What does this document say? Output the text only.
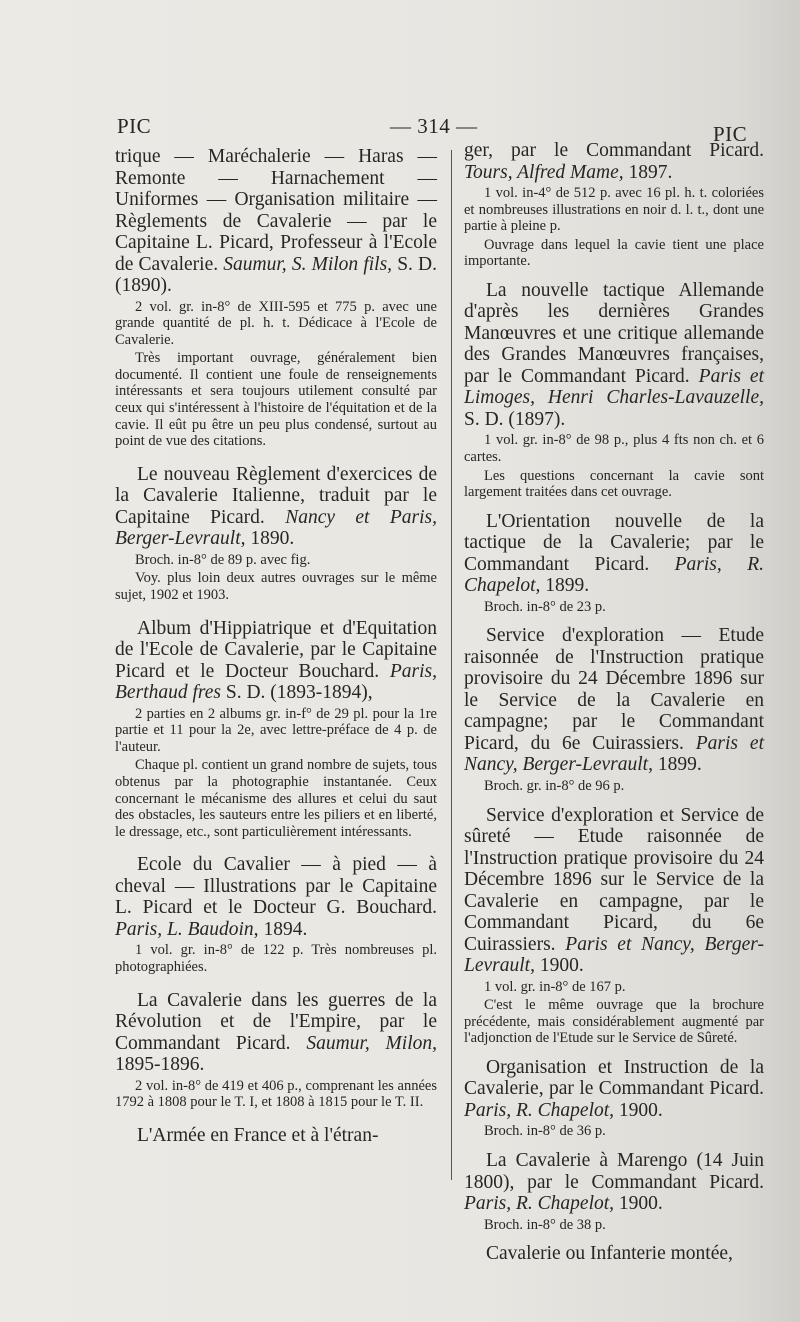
PIC	— 314 —	PIC

trique — Maréchalerie — Haras — Remonte — Harnachement — Uniformes — Organisation militaire — Règlements de Cavalerie — par le Capitaine L. Picard, Professeur à l'Ecole de Cavalerie. Saumur, S. Milon fils, S. D. (1890).

2 vol. gr. in-8° de XIII-595 et 775 p. avec une grande quantité de pl. h. t. Dédicace à l'Ecole de Cavalerie.

Très important ouvrage, généralement bien documenté. Il contient une foule de renseignements intéressants et sera toujours utilement consulté par ceux qui s'intéressent à l'histoire de l'équitation et de la cavie. Il eût pu être un peu plus condensé, surtout au point de vue des citations.

Le nouveau Règlement d'exercices de la Cavalerie Italienne, traduit par le Capitaine Picard. Nancy et Paris, Berger-Levrault, 1890.

Broch. in-8° de 89 p. avec fig.

Voy. plus loin deux autres ouvrages sur le même sujet, 1902 et 1903.

Album d'Hippiatrique et d'Equitation de l'Ecole de Cavalerie, par le Capitaine Picard et le Docteur Bouchard. Paris, Berthaud fres S. D. (1893-1894),

2 parties en 2 albums gr. in-f° de 29 pl. pour la 1re partie et 11 pour la 2e, avec lettre-préface de 4 p. de l'auteur.

Chaque pl. contient un grand nombre de sujets, tous obtenus par la photographie instantanée. Ceux concernant le mécanisme des allures et celui du saut des obstacles, les sauteurs entre les piliers et en liberté, le dressage, etc., sont particulièrement intéressants.

Ecole du Cavalier — à pied — à cheval — Illustrations par le Capitaine L. Picard et le Docteur G. Bouchard. Paris, L. Baudoin, 1894.

1 vol. gr. in-8° de 122 p. Très nombreuses pl. photographiées.

La Cavalerie dans les guerres de la Révolution et de l'Empire, par le Commandant Picard. Saumur, Milon, 1895-1896.

2 vol. in-8° de 419 et 406 p., comprenant les années 1792 à 1808 pour le T. I, et 1808 à 1815 pour le T. II.

L'Armée en France et à l'étran-

ger, par le Commandant Picard. Tours, Alfred Mame, 1897.

1 vol. in-4° de 512 p. avec 16 pl. h. t. coloriées et nombreuses illustrations en noir d. l. t., dont une partie à pleine p.

Ouvrage dans lequel la cavie tient une place importante.

La nouvelle tactique Allemande d'après les dernières Grandes Manœuvres et une critique allemande des Grandes Manœuvres françaises, par le Commandant Picard. Paris et Limoges, Henri Charles-Lavauzelle, S. D. (1897).

1 vol. gr. in-8° de 98 p., plus 4 fts non ch. et 6 cartes.

Les questions concernant la cavie sont largement traitées dans cet ouvrage.

L'Orientation nouvelle de la tactique de la Cavalerie; par le Commandant Picard. Paris, R. Chapelot, 1899.

Broch. in-8° de 23 p.

Service d'exploration — Etude raisonnée de l'Instruction pratique provisoire du 24 Décembre 1896 sur le Service de la Cavalerie en campagne; par le Commandant Picard, du 6e Cuirassiers. Paris et Nancy, Berger-Levrault, 1899.

Broch. gr. in-8° de 96 p.

Service d'exploration et Service de sûreté — Etude raisonnée de l'Instruction pratique provisoire du 24 Décembre 1896 sur le Service de la Cavalerie en campagne, par le Commandant Picard, du 6e Cuirassiers. Paris et Nancy, Berger-Levrault, 1900.

1 vol. gr. in-8° de 167 p.

C'est le même ouvrage que la brochure précédente, mais considérablement augmenté par l'adjonction de l'Etude sur le Service de Sûreté.

Organisation et Instruction de la Cavalerie, par le Commandant Picard. Paris, R. Chapelot, 1900.

Broch. in-8° de 36 p.

La Cavalerie à Marengo (14 Juin 1800), par le Commandant Picard. Paris, R. Chapelot, 1900.

Broch. in-8° de 38 p.

Cavalerie ou Infanterie montée,
